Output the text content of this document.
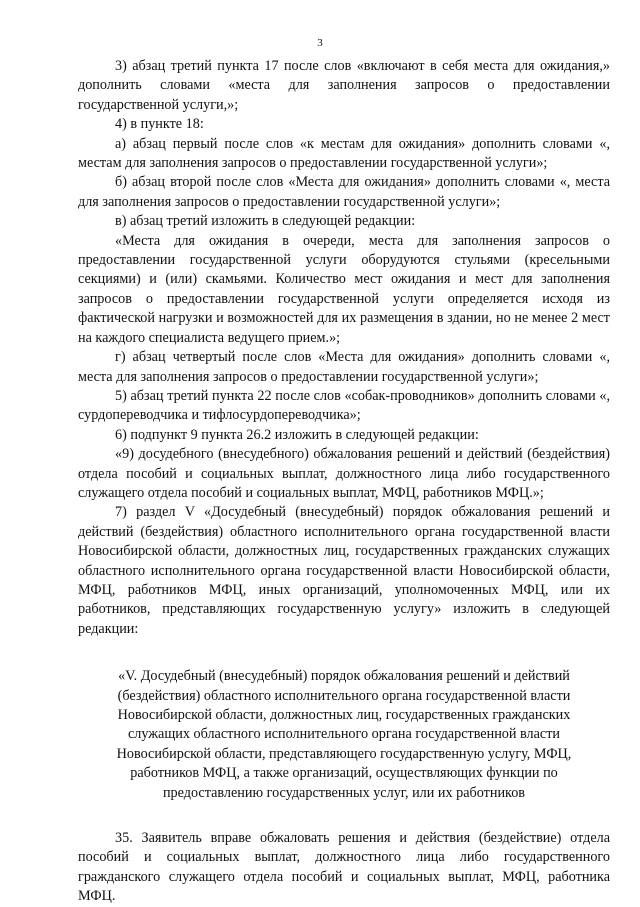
3

3) абзац третий пункта 17 после слов «включают в себя места для ожидания,» дополнить словами «места для заполнения запросов о предоставлении государственной услуги,»;

4) в пункте 18:

а) абзац первый после слов «к местам для ожидания» дополнить словами «, местам для заполнения запросов о предоставлении государственной услуги»;

б) абзац второй после слов «Места для ожидания» дополнить словами «, места для заполнения запросов о предоставлении государственной услуги»;

в) абзац третий изложить в следующей редакции:

«Места для ожидания в очереди, места для заполнения запросов о предоставлении государственной услуги оборудуются стульями (кресельными секциями) и (или) скамьями. Количество мест ожидания и мест для заполнения запросов о предоставлении государственной услуги определяется исходя из фактической нагрузки и возможностей для их размещения в здании, но не менее 2 мест на каждого специалиста ведущего прием.»;

г) абзац четвертый после слов «Места для ожидания» дополнить словами «, места для заполнения запросов о предоставлении государственной услуги»;

5) абзац третий пункта 22 после слов «собак-проводников» дополнить словами «, сурдопереводчика и тифлосурдопереводчика»;

6) подпункт 9 пункта 26.2 изложить в следующей редакции:

«9) досудебного (внесудебного) обжалования решений и действий (бездействия) отдела пособий и социальных выплат, должностного лица либо государственного служащего отдела пособий и социальных выплат, МФЦ, работников МФЦ.»;

7) раздел V «Досудебный (внесудебный) порядок обжалования решений и действий (бездействия) областного исполнительного органа государственной власти Новосибирской области, должностных лиц, государственных гражданских служащих областного исполнительного органа государственной власти Новосибирской области, МФЦ, работников МФЦ, иных организаций, уполномоченных МФЦ, или их работников, представляющих государственную услугу» изложить в следующей редакции:

«V. Досудебный (внесудебный) порядок обжалования решений и действий (бездействия) областного исполнительного органа государственной власти Новосибирской области, должностных лиц, государственных гражданских служащих областного исполнительного органа государственной власти Новосибирской области, представляющего государственную услугу, МФЦ, работников МФЦ, а также организаций, осуществляющих функции по предоставлению государственных услуг, или их работников

35. Заявитель вправе обжаловать решения и действия (бездействие) отдела пособий и социальных выплат, должностного лица либо государственного гражданского служащего отдела пособий и социальных выплат, МФЦ, работника МФЦ.
